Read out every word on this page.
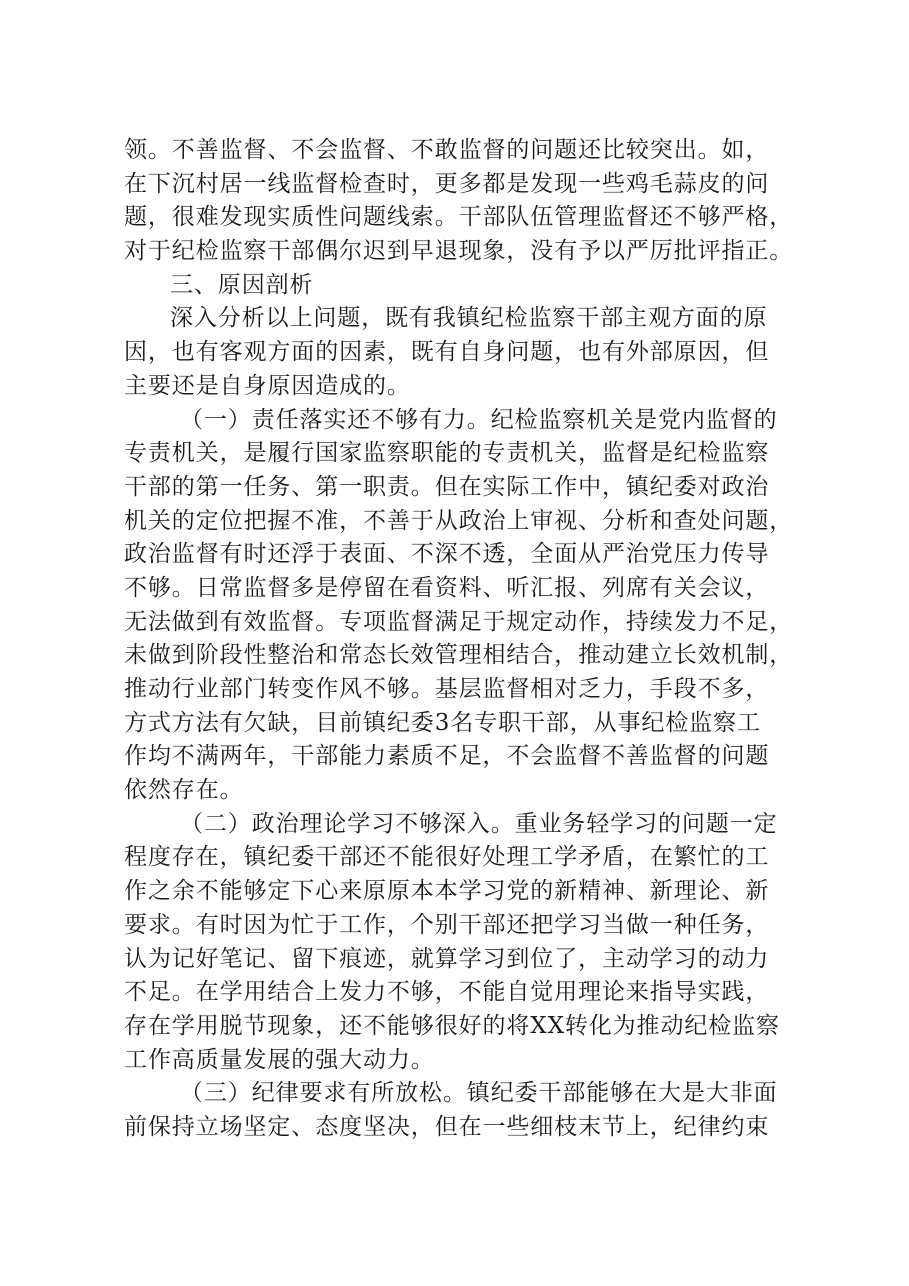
领。不善监督、不会监督、不敢监督的问题还比较突出。如，
在下沉村居一线监督检查时，更多都是发现一些鸡毛蒜皮的问
题，很难发现实质性问题线索。干部队伍管理监督还不够严格，
对于纪检监察干部偶尔迟到早退现象，没有予以严厉批评指正。
三、原因剖析
深入分析以上问题，既有我镇纪检监察干部主观方面的原
因，也有客观方面的因素，既有自身问题，也有外部原因，但
主要还是自身原因造成的。
（一）责任落实还不够有力。纪检监察机关是党内监督的
专责机关，是履行国家监察职能的专责机关，监督是纪检监察
干部的第一任务、第一职责。但在实际工作中，镇纪委对政治
机关的定位把握不准，不善于从政治上审视、分析和查处问题，
政治监督有时还浮于表面、不深不透，全面从严治党压力传导
不够。日常监督多是停留在看资料、听汇报、列席有关会议，
无法做到有效监督。专项监督满足于规定动作，持续发力不足，
未做到阶段性整治和常态长效管理相结合，推动建立长效机制，
推动行业部门转变作风不够。基层监督相对乏力，手段不多，
方式方法有欠缺，目前镇纪委3名专职干部，从事纪检监察工
作均不满两年，干部能力素质不足，不会监督不善监督的问题
依然存在。
（二）政治理论学习不够深入。重业务轻学习的问题一定
程度存在，镇纪委干部还不能很好处理工学矛盾，在繁忙的工
作之余不能够定下心来原原本本学习党的新精神、新理论、新
要求。有时因为忙于工作，个别干部还把学习当做一种任务，
认为记好笔记、留下痕迹，就算学习到位了，主动学习的动力
不足。在学用结合上发力不够，不能自觉用理论来指导实践，
存在学用脱节现象，还不能够很好的将XX转化为推动纪检监察
工作高质量发展的强大动力。
（三）纪律要求有所放松。镇纪委干部能够在大是大非面
前保持立场坚定、态度坚决，但在一些细枝末节上，纪律约束
